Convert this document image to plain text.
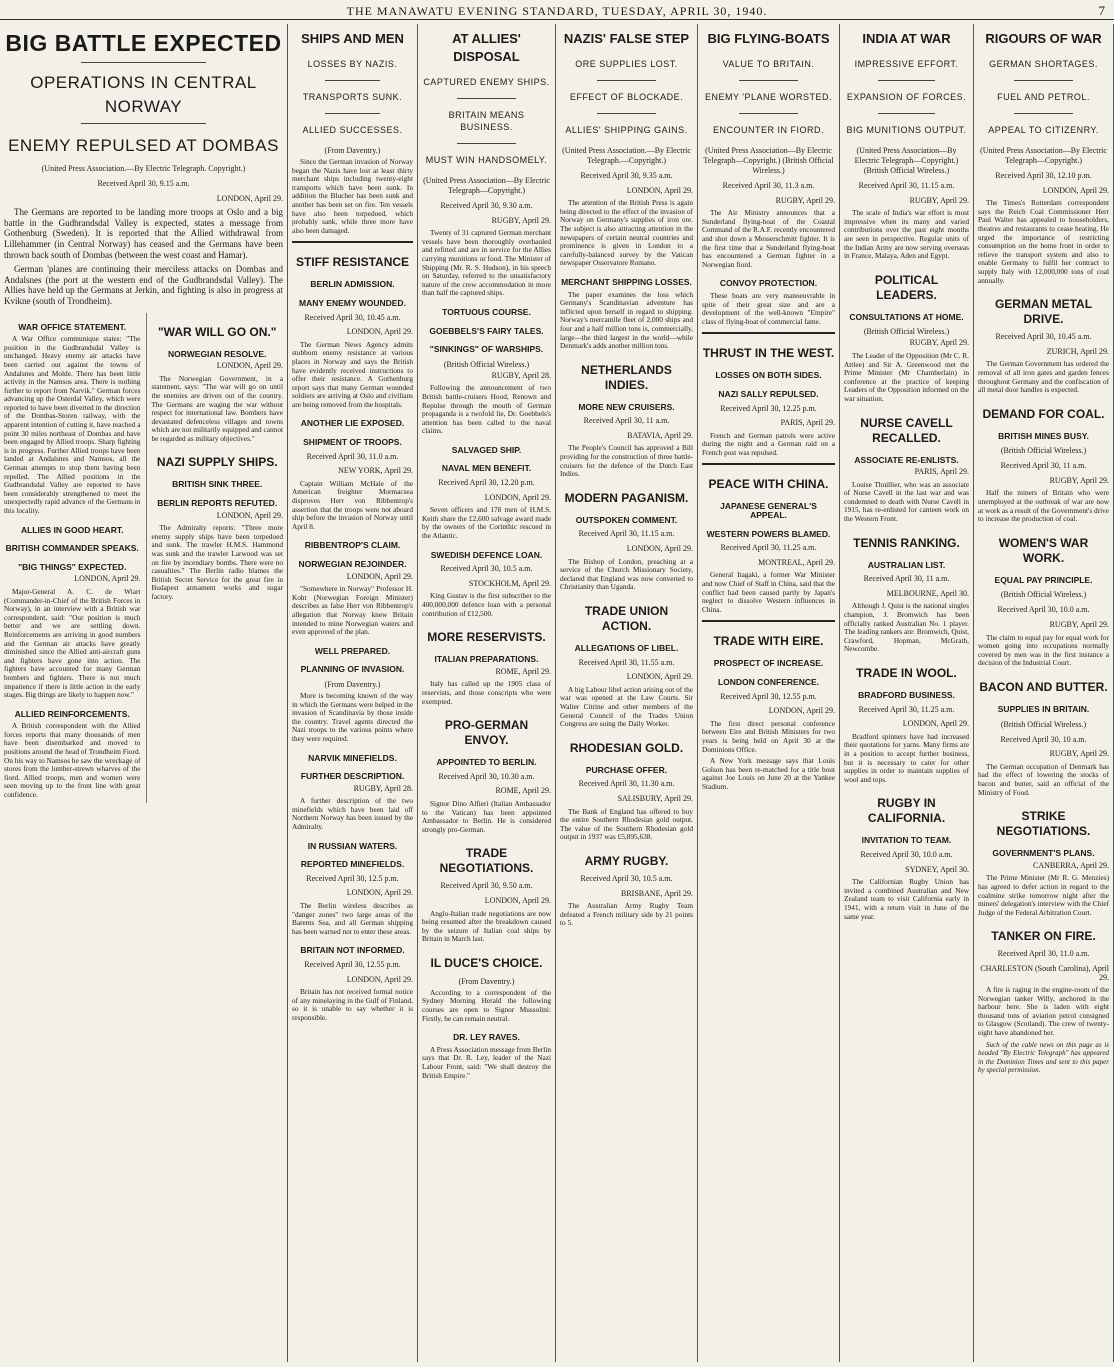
THE MANAWATU EVENING STANDARD, TUESDAY, APRIL 30, 1940.	7
BIG BATTLE EXPECTED
OPERATIONS IN CENTRAL NORWAY
ENEMY REPULSED AT DOMBAS
(United Press Association.—By Electric Telegraph. Copyright.)
Received April 30, 9.15 a.m.
LONDON, April 29.

The Germans are reported to be landing more troops at Oslo and a big battle in the Gudbrandsdal Valley is expected, states a message from Gothenburg (Sweden). It is reported that the Allied withdrawal from Lillehammer (in Central Norway) has ceased and the Germans have been thrown back south of Dombas (between the west coast and Hamar).

German 'planes are continuing their merciless attacks on Dombas and Andalsnes (the port at the western end of the Gudbrandsdal Valley). The Allies have held up the Germans at Jerkin, and fighting is also in progress at Kvikne (south of Trondheim).

WAR OFFICE STATEMENT.

A War Office communique states: "The position in the Gudbrandsdal Valley is unchanged. Heavy enemy air attacks have been carried out against the towns of Andalsnes and Molde. There has been little activity in the Namsos area. There is nothing further to report from Narvik." German forces advancing up the Osterdal Valley, which were reported to have been diverted in the direction of the Dombas-Storen railway, with the apparent intention of cutting it, have reached a point 30 miles northeast of Dombas and have been engaged by Allied troops. Sharp fighting is in progress. Further Allied troops have been landed at Andalsnes and Namsos, all the German attempts to stop them having been repelled. The Allied positions in the Gudbrandsdal Valley are reported to have been considerably strengthened to meet the unexpectedly rapid advance of the Germans in this locality.

ALLIES IN GOOD HEART.
BRITISH COMMANDER SPEAKS.
"BIG THINGS" EXPECTED.
LONDON, April 29.

Major-General A. C. de Wiart (Commander-in-Chief of the British Forces in Norway), in an interview with a British war correspondent, said: "Our position is much better and we are settling down. Reinforcements are arriving in good numbers and the German air attacks have greatly diminished since the Allied anti-aircraft guns and fighters have gone into action. The fighters have accounted for many German bombers and fighters. There is not much impatience if there is little action in the early stages. Big things are likely to happen now."

ALLIED REINFORCEMENTS.

A British correspondent with the Allied forces reports that many thousands of men have been disembarked and moved to positions around the head of Trondheim Fiord. On his way to Namsos he saw the wreckage of stores from the lumber-strewn wharves of the fiord. Allied troops, men and women were seen moving up to the front line with great confidence.

"WAR WILL GO ON."
NORWEGIAN RESOLVE.
LONDON, April 29.

The Norwegian Government, in a statement, says: "The war will go on until the enemies are driven out of the country. The Germans are waging the war without respect for international law. Bombers have devastated defenceless villages and towns which are not militarily equipped and cannot be regarded as military objectives."

NAZI SUPPLY SHIPS.
BRITISH SINK THREE.
BERLIN REPORTS REFUTED.
LONDON, April 29.

The Admiralty reports: "Three more enemy supply ships have been torpedoed and sunk. The trawler H.M.S. Hammond was sunk and the trawler Larwood was set on fire by incendiary bombs. There were no casualties." The Berlin radio blames the British Secret Service for the great fire in Budapest armament works and sugar factory.

SHIPS AND MEN
LOSSES BY NAZIS.
TRANSPORTS SUNK.
ALLIED SUCCESSES.
(From Daventry.)

Since the German invasion of Norway began the Nazis have lost at least thirty merchant ships including twenty-eight transports which have been sunk. In addition the Blucher has been sunk and another has been set on fire. Ten vessels have also been torpedoed, which probably sank, while three more have also been damaged.

STIFF RESISTANCE
BERLIN ADMISSION.
MANY ENEMY WOUNDED.
Received April 30, 10.45 a.m.
LONDON, April 29.

The German News Agency admits stubborn enemy resistance at various places in Norway and says the British have evidently received instructions to offer their resistance. A Gothenburg report says that many German wounded soldiers are arriving at Oslo and civilians are being removed from the hospitals.

ANOTHER LIE EXPOSED.
SHIPMENT OF TROOPS.
Received April 30, 11.0 a.m.
NEW YORK, April 29.

Captain William McHale of the American freighter Mormacsea disproves Herr von Ribbentrop's assertion that the troops were not aboard ship before the invasion of Norway until April 8.

RIBBENTROP'S CLAIM.
NORWEGIAN REJOINDER.
LONDON, April 29.

"Somewhere in Norway" Professor H. Koht (Norwegian Foreign Minister) describes as false Herr von Ribbentrop's allegation that Norway knew Britain intended to mine Norwegian waters and even approved of the plan.

WELL PREPARED.
PLANNING OF INVASION.
(From Daventry.)

More is becoming known of the way in which the Germans were helped in the invasion of Scandinavia by those inside the country. Travel agents directed the Nazi troops to the various points where they were required.

NARVIK MINEFIELDS.
FURTHER DESCRIPTION.
RUGBY, April 28.

A further description of the two minefields which have been laid off Northern Norway has been issued by the Admiralty.

IN RUSSIAN WATERS.
REPORTED MINEFIELDS.
Received April 30, 12.5 p.m.
LONDON, April 29.

The Berlin wireless describes as "danger zones" two large areas of the Barents Sea, and all German shipping has been warned not to enter these areas.

BRITAIN NOT INFORMED.
Received April 30, 12.55 p.m.
LONDON, April 29.

Britain has not received formal notice of any minelaying in the Gulf of Finland, so it is unable to say whether it is responsible.

AT ALLIES' DISPOSAL
CAPTURED ENEMY SHIPS.
BRITAIN MEANS BUSINESS.
MUST WIN HANDSOMELY.
(United Press Association—By Electric Telegraph—Copyright.)
Received April 30, 9.30 a.m.
RUGBY, April 29.

Twenty of 31 captured German merchant vessels have been thoroughly overhauled and refitted and are in service for the Allies carrying munitions or food. The Minister of Shipping (Mr. R. S. Hudson), in his speech on Saturday, referred to the unsatisfactory nature of the crew accommodation in more than half the captured ships.

TORTUOUS COURSE.
GOEBBELS'S FAIRY TALES.
"SINKINGS" OF WARSHIPS.
(British Official Wireless.)
RUGBY, April 28.

Following the announcement of two British battle-cruisers Hood, Renown and Repulse through the mouth of German propaganda is a twofold lie, Dr. Goebbels's attention has been called to the naval claims.

SALVAGED SHIP.
NAVAL MEN BENEFIT.
Received April 30, 12.20 p.m.
LONDON, April 29.

Seven officers and 178 men of H.M.S. Keith share the £2,600 salvage award made by the owners of the Corinthic rescued in the Atlantic.

SWEDISH DEFENCE LOAN.
Received April 30, 10.5 a.m.
STOCKHOLM, April 29.

King Gustav is the first subscriber to the 400,000,000 defence loan with a personal contribution of £12,500.

MORE RESERVISTS.
ITALIAN PREPARATIONS.
ROME, April 29.

Italy has called up the 1905 class of reservists, and those conscripts who were exempted.

PRO-GERMAN ENVOY.
APPOINTED TO BERLIN.
Received April 30, 10.30 a.m.
ROME, April 29.

Signor Dino Alfieri (Italian Ambassador to the Vatican) has been appointed Ambassador to Berlin. He is considered strongly pro-German.

TRADE NEGOTIATIONS.
Received April 30, 9.50 a.m.
LONDON, April 29.

Anglo-Italian trade negotiations are now being resumed after the breakdown caused by the seizure of Italian coal ships by Britain in March last.

IL DUCE'S CHOICE.
(From Daventry.)

According to a correspondent of the Sydney Morning Herald the following courses are open to Signor Mussolini: Firstly, he can remain neutral.

DR. LEY RAVES.

A Press Association message from Berlin says that Dr. R. Ley, leader of the Nazi Labour Front, said: "We shall destroy the British Empire."

NAZIS' FALSE STEP
ORE SUPPLIES LOST.
EFFECT OF BLOCKADE.
ALLIES' SHIPPING GAINS.
(United Press Association.—By Electric Telegraph.—Copyright.)
Received April 30, 9.35 a.m.
LONDON, April 29.

The attention of the British Press is again being directed to the effect of the invasion of Norway on Germany's supplies of iron ore. The subject is also attracting attention in the newspapers of certain neutral countries and prominence is given in London to a carefully-balanced survey by the Vatican newspaper Osservatore Romano.

MERCHANT SHIPPING LOSSES.

The paper examines the loss which Germany's Scandinavian adventure has inflicted upon herself in regard to shipping. Norway's mercantile fleet of 2,000 ships and four and a half million tons is, commercially, large—the third largest in the world—while Denmark's adds another million tons.

NETHERLANDS INDIES.
MORE NEW CRUISERS.
Received April 30, 11 a.m.
BATAVIA, April 29.

The People's Council has approved a Bill providing for the construction of three battle-cruisers for the defence of the Dutch East Indies.

MODERN PAGANISM.
OUTSPOKEN COMMENT.
Received April 30, 11.15 a.m.
LONDON, April 29.

The Bishop of London, preaching at a service of the Church Missionary Society, declared that England was now converted to Christianity than Uganda.

TRADE UNION ACTION.
ALLEGATIONS OF LIBEL.
Received April 30, 11.55 a.m.
LONDON, April 29.

A big Labour libel action arising out of the war was opened at the Law Courts. Sir Walter Citrine and other members of the General Council of the Trades Union Congress are suing the Daily Worker.

RHODESIAN GOLD.
PURCHASE OFFER.
Received April 30, 11.30 a.m.
SALISBURY, April 29.

The Bank of England has offered to buy the entire Southern Rhodesian gold output. The value of the Southern Rhodesian gold output in 1937 was £5,895,638.

ARMY RUGBY.
Received April 30, 10.5 a.m.
BRISBANE, April 29.

The Australian Army Rugby Team defeated a French military side by 21 points to 5.

BIG FLYING-BOATS
VALUE TO BRITAIN.
ENEMY 'PLANE WORSTED.
ENCOUNTER IN FIORD.
(United Press Association—By Electric Telegraph—Copyright.) (British Official Wireless.)
Received April 30, 11.3 a.m.
RUGBY, April 29.

The Air Ministry announces that a Sunderland flying-boat of the Coastal Command of the R.A.F. recently encountered and shot down a Messerschmitt fighter. It is the first time that a Sunderland flying-boat has encountered a German fighter in a Norwegian fiord.

CONVOY PROTECTION.

These boats are very manoeuvrable in spite of their great size and are a development of the well-known "Empire" class of flying-boat of commercial fame.

THRUST IN THE WEST.
LOSSES ON BOTH SIDES.
NAZI SALLY REPULSED.
Received April 30, 12.25 p.m.
PARIS, April 29.

French and German patrols were active during the night and a German raid on a French post was repulsed.

PEACE WITH CHINA.
JAPANESE GENERAL'S APPEAL.
WESTERN POWERS BLAMED.
Received April 30, 11.25 a.m.
MONTREAL, April 29.

General Itagaki, a former War Minister and now Chief of Staff in China, said that the conflict had been caused partly by Japan's neglect to dissolve Western influences in China.

TRADE WITH EIRE.
PROSPECT OF INCREASE.
LONDON CONFERENCE.
Received April 30, 12.55 p.m.
LONDON, April 29.

The first direct personal conference between Eire and British Ministers for two years is being held on April 30 at the Dominions Office.

A New York message says that Louis Golson has been re-matched for a title bout against Joe Louis on June 20 at the Yankee Stadium.

INDIA AT WAR
IMPRESSIVE EFFORT.
EXPANSION OF FORCES.
BIG MUNITIONS OUTPUT.
(United Press Association—By Electric Telegraph—Copyright.) (British Official Wireless.)
Received April 30, 11.15 a.m.
RUGBY, April 29.

The scale of India's war effort is most impressive when its many and varied contributions over the past eight months are seen in perspective. Regular units of the Indian Army are now serving overseas in France, Malaya, Aden and Egypt.

POLITICAL LEADERS.
CONSULTATIONS AT HOME.
(British Official Wireless.)
RUGBY, April 29.

The Leader of the Opposition (Mr C. R. Attlee) and Sir A. Greenwood met the Prime Minister (Mr Chamberlain) in conference at the practice of keeping Leaders of the Opposition informed on the war situation.

NURSE CAVELL RECALLED.
ASSOCIATE RE-ENLISTS.
PARIS, April 29.

Louise Thuillier, who was an associate of Nurse Cavell in the last war and was condemned to death with Nurse Cavell in 1915, has re-enlisted for canteen work on the Western Front.

TENNIS RANKING.
AUSTRALIAN LIST.
Received April 30, 11 a.m.
MELBOURNE, April 30.

Although J. Quist is the national singles champion, J. Bromwich has been officially ranked Australian No. 1 player. The leading rankers are: Bromwich, Quist, Crawford, Hopman, McGrath, Newcombe.

TRADE IN WOOL.
BRADFORD BUSINESS.
Received April 30, 11.25 a.m.
LONDON, April 29.

Bradford spinners have had increased their quotations for yarns. Many firms are in a position to accept further business, but it is necessary to cater for other supplies in order to maintain supplies of wool and tops.

RUGBY IN CALIFORNIA.
INVITATION TO TEAM.
Received April 30, 10.0 a.m.
SYDNEY, April 30.

The Californian Rugby Union has invited a combined Australian and New Zealand team to visit California early in 1941, with a return visit in June of the same year.

RIGOURS OF WAR
GERMAN SHORTAGES.
FUEL AND PETROL.
APPEAL TO CITIZENRY.
(United Press Association—By Electric Telegraph—Copyright.)
Received April 30, 12.10 p.m.
LONDON, April 29.

The Times's Rotterdam correspondent says the Reich Coal Commissioner Herr Paul Walter has appealed to householders, theatres and restaurants to cease heating. He urged the importance of restricting consumption on the home front in order to relieve the transport system and also to enable Germany to fulfil her contract to supply Italy with 12,000,000 tons of coal annually.

GERMAN METAL DRIVE.
Received April 30, 10.45 a.m.
ZURICH, April 29.

The German Government has ordered the removal of all iron gates and garden fences throughout Germany and the confiscation of all metal door handles is expected.

DEMAND FOR COAL.
BRITISH MINES BUSY.
(British Official Wireless.)
Received April 30, 11 a.m.
RUGBY, April 29.

Half the miners of Britain who were unemployed at the outbreak of war are now at work as a result of the Government's drive to increase the production of coal.

WOMEN'S WAR WORK.
EQUAL PAY PRINCIPLE.
(British Official Wireless.)
Received April 30, 10.0 a.m.
RUGBY, April 29.

The claim to equal pay for equal work for women going into occupations normally covered by men was in the first instance a decision of the Industrial Court.

BACON AND BUTTER.
SUPPLIES IN BRITAIN.
(British Official Wireless.)
Received April 30, 10 a.m.
RUGBY, April 29.

The German occupation of Denmark has had the effect of lowering the stocks of bacon and butter, said an official of the Ministry of Food.

STRIKE NEGOTIATIONS.
GOVERNMENT'S PLANS.
CANBERRA, April 29.

The Prime Minister (Mr R. G. Menzies) has agreed to defer action in regard to the coalmine strike tomorrow night after the miners' delegation's interview with the Chief Judge of the Federal Arbitration Court.

TANKER ON FIRE.
Received April 30, 11.0 a.m.
CHARLESTON (South Carolina), April 29.

A fire is raging in the engine-room of the Norwegian tanker Willy, anchored in the harbour here. She is laden with eight thousand tons of aviation petrol consigned to Glasgow (Scotland). The crew of twenty-eight have abandoned her.

Such of the cable news on this page as is headed "By Electric Telegraph" has appeared in the Dominion Times and sent to this paper by special permission.
